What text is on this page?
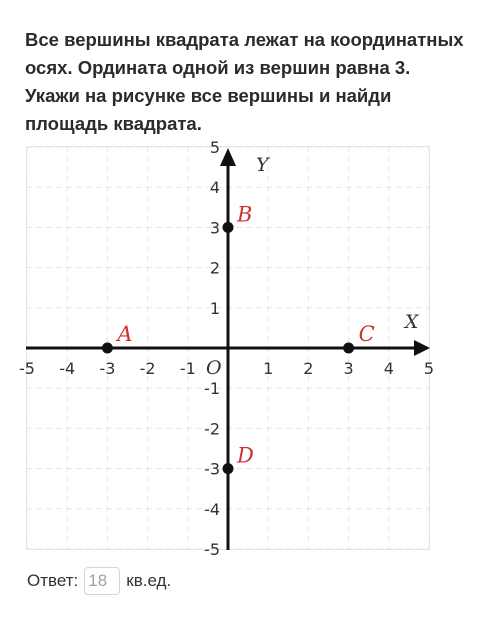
Все вершины квадрата лежат на координатных осях. Ордината одной из вершин равна 3. Укажи на рисунке все вершины и найди площадь квадрата.
-5 -4 -3 -2 -1	1 2 3 4 5
5
4
3
2
1
-1
-2
-3
-4
-5
X
Y
O
A
B
C
D
Ответ:
18	кв.ед.
